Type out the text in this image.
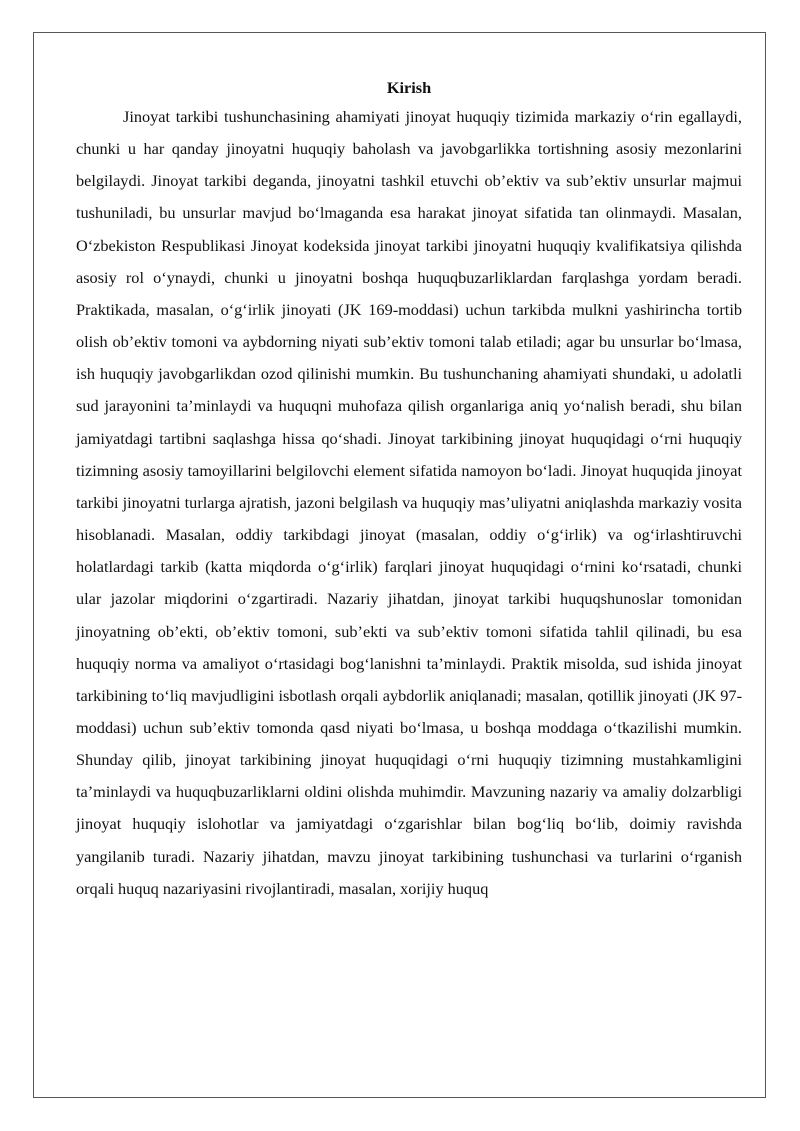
Kirish

Jinoyat tarkibi tushunchasining ahamiyati jinoyat huquqiy tizimida markaziy oʻrin egallaydi, chunki u har qanday jinoyatni huquqiy baholash va javobgarlikka tortishning asosiy mezonlarini belgilaydi. Jinoyat tarkibi deganda, jinoyatni tashkil etuvchi obʼektiv va subʼektiv unsurlar majmui tushuniladi, bu unsurlar mavjud boʻlmaganda esa harakat jinoyat sifatida tan olinmaydi. Masalan, Oʻzbekiston Respublikasi Jinoyat kodeksida jinoyat tarkibi jinoyatni huquqiy kvalifikatsiya qilishda asosiy rol oʻynaydi, chunki u jinoyatni boshqa huquqbuzarliklardan farqlashga yordam beradi. Praktikada, masalan, oʻgʻirlik jinoyati (JK 169-moddasi) uchun tarkibda mulkni yashirincha tortib olish obʼektiv tomoni va aybdorning niyati subʼektiv tomoni talab etiladi; agar bu unsurlar boʻlmasa, ish huquqiy javobgarlikdan ozod qilinishi mumkin. Bu tushunchaning ahamiyati shundaki, u adolatli sud jarayonini taʼminlaydi va huquqni muhofaza qilish organlariga aniq yoʻnalish beradi, shu bilan jamiyatdagi tartibni saqlashga hissa qoʻshadi. Jinoyat tarkibining jinoyat huquqidagi oʻrni huquqiy tizimning asosiy tamoyillarini belgilovchi element sifatida namoyon boʻladi. Jinoyat huquqida jinoyat tarkibi jinoyatni turlarga ajratish, jazoni belgilash va huquqiy masʼuliyatni aniqlashda markaziy vosita hisoblanadi. Masalan, oddiy tarkibdagi jinoyat (masalan, oddiy oʻgʻirlik) va ogʻirlashtiruvchi holatlardagi tarkib (katta miqdorda oʻgʻirlik) farqlari jinoyat huquqidagi oʻrnini koʻrsatadi, chunki ular jazolar miqdorini oʻzgartiradi. Nazariy jihatdan, jinoyat tarkibi huquqshunoslar tomonidan jinoyatning obʼekti, obʼektiv tomoni, subʼekti va subʼektiv tomoni sifatida tahlil qilinadi, bu esa huquqiy norma va amaliyot oʻrtasidagi bogʻlanishni taʼminlaydi. Praktik misolda, sud ishida jinoyat tarkibining toʻliq mavjudligini isbotlash orqali aybdorlik aniqlanadi; masalan, qotillik jinoyati (JK 97-moddasi) uchun subʼektiv tomonda qasd niyati boʻlmasa, u boshqa moddaga oʻtkazilishi mumkin. Shunday qilib, jinoyat tarkibining jinoyat huquqidagi oʻrni huquqiy tizimning mustahkamligini taʼminlaydi va huquqbuzarliklarni oldini olishda muhimdir. Mavzuning nazariy va amaliy dolzarbligi jinoyat huquqiy islohotlar va jamiyatdagi oʻzgarishlar bilan bogʻliq boʻlib, doimiy ravishda yangilanib turadi. Nazariy jihatdan, mavzu jinoyat tarkibining tushunchasi va turlarini oʻrganish orqali huquq nazariyasini rivojlantiradi, masalan, xorijiy huquq
